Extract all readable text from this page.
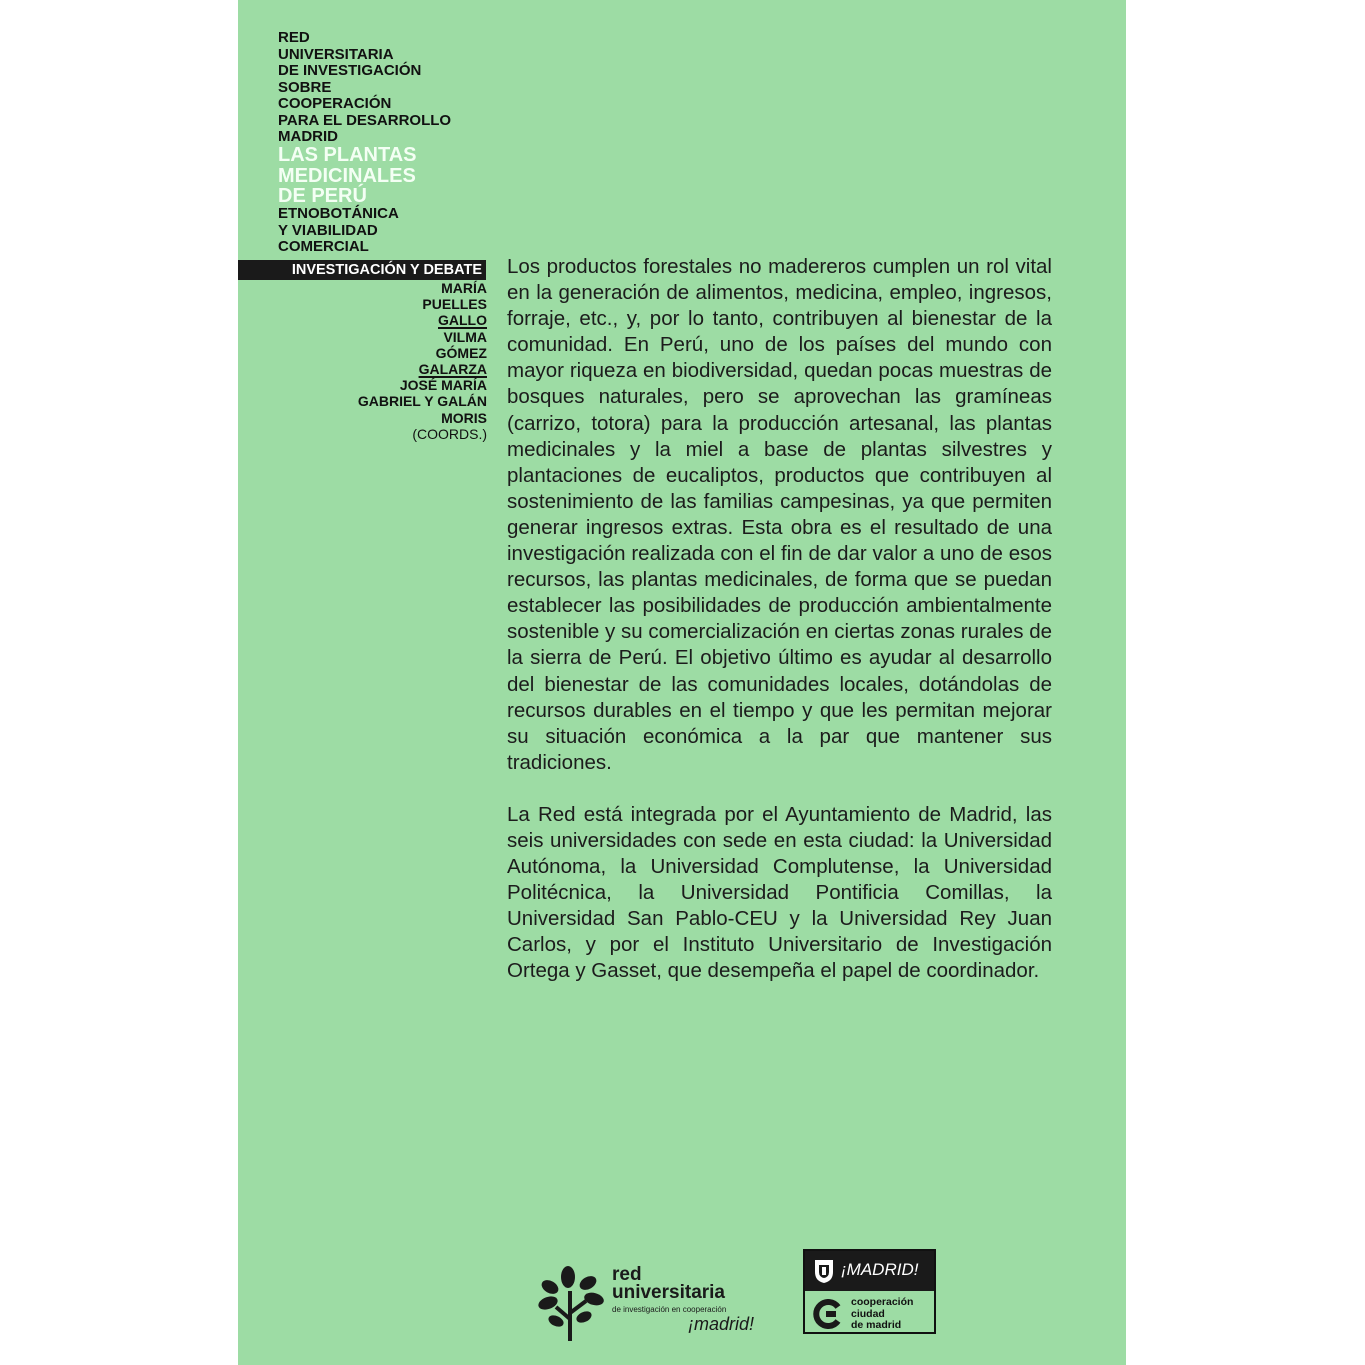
RED
UNIVERSITARIA
DE INVESTIGACIÓN
SOBRE
COOPERACIÓN
PARA EL DESARROLLO
MADRID
LAS PLANTAS
MEDICINALES
DE PERÚ
ETNOBOTÁNICA
Y VIABILIDAD
COMERCIAL
INVESTIGACIÓN Y DEBATE
MARÍA
PUELLES
GALLO
VILMA
GÓMEZ
GALARZA
JOSÉ MARÍA
GABRIEL Y GALÁN
MORIS
(COORDS.)

Los productos forestales no madereros cumplen un rol vital en la generación de alimentos, medicina, empleo, ingresos, forraje, etc., y, por lo tanto, contribuyen al bienestar de la comunidad. En Perú, uno de los países del mundo con mayor riqueza en biodiversidad, quedan pocas muestras de bosques naturales, pero se aprovechan las gramíneas (carrizo, totora) para la producción artesanal, las plantas medicinales y la miel a base de plantas silvestres y plantaciones de eucaliptos, productos que contribuyen al sostenimiento de las familias campesinas, ya que permiten generar ingresos extras. Esta obra es el resultado de una investigación realizada con el fin de dar valor a uno de esos recursos, las plantas medicinales, de forma que se puedan establecer las posibilidades de producción ambientalmente sostenible y su comercialización en ciertas zonas rurales de la sierra de Perú. El objetivo último es ayudar al desarrollo del bienestar de las comunidades locales, dotándolas de recursos durables en el tiempo y que les permitan mejorar su situación económica a la par que mantener sus tradiciones.

La Red está integrada por el Ayuntamiento de Madrid, las seis universidades con sede en esta ciudad: la Universidad Autónoma, la Universidad Complutense, la Universidad Politécnica, la Universidad Pontificia Comillas, la Universidad San Pablo-CEU y la Universidad Rey Juan Carlos, y por el Instituto Universitario de Investigación Ortega y Gasset, que desempeña el papel de coordinador.

red
universitaria
de investigación en cooperación
¡madrid!
¡MADRID!
cooperación
ciudad
de madrid
